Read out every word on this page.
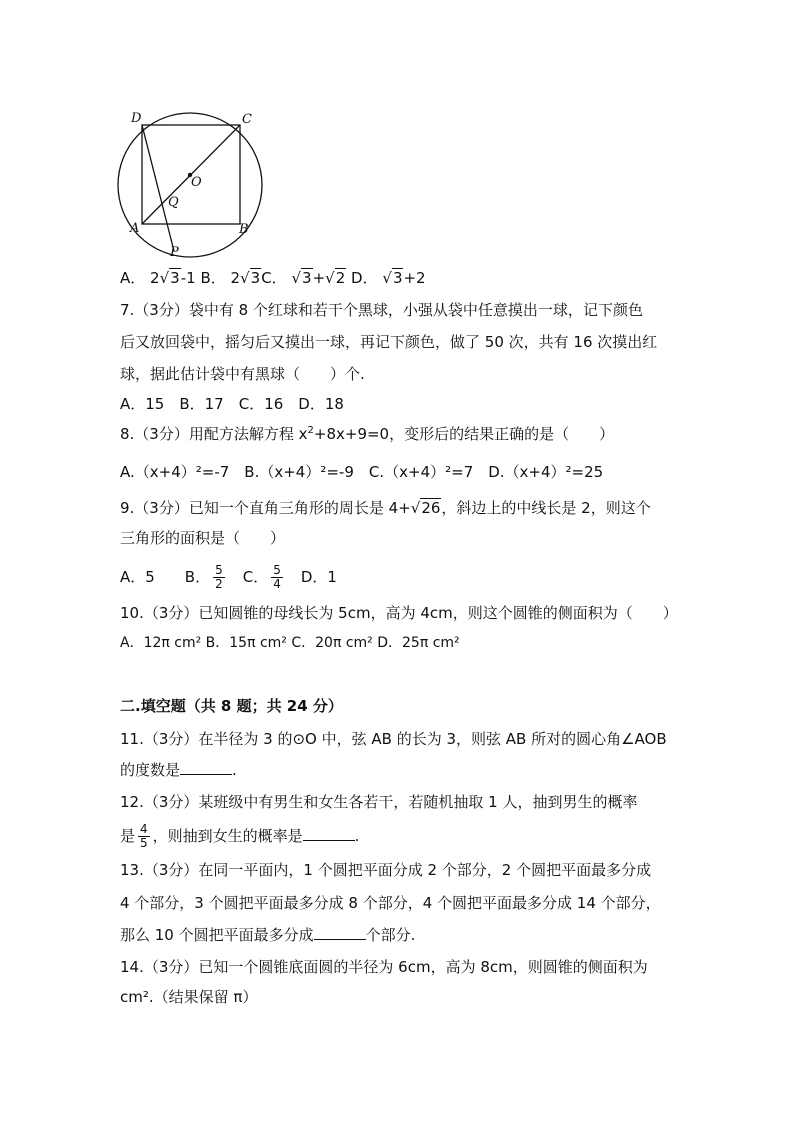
D	C
O
Q
A	B
P
A． 2√3-1 B． 2√3C． √3+√2 D． √3+2
7.（3分）袋中有 8 个红球和若干个黑球，小强从袋中任意摸出一球，记下颜色
后又放回袋中，摇匀后又摸出一球，再记下颜色，做了 50 次，共有 16 次摸出红
球，据此估计袋中有黑球（　　）个.
A．15　B．17　C．16　D．18
8.（3分）用配方法解方程 $x^2+8x+9=0$，变形后的结果正确的是（　　）
A.（x+4）²=-7　B.（x+4）²=-9　C.（x+4）²=7　D.（x+4）²=25
9.（3分）已知一个直角三角形的周长是 4+√26，斜边上的中线长是 2，则这个
三角形的面积是（　　）
A．5　　B． $\frac{5}{2}$ 　C． $\frac{5}{4}$ 　D．1
10.（3分）已知圆锥的母线长为 5cm，高为 4cm，则这个圆锥的侧面积为（　　）
A．12π cm² B．15π cm² C．20π cm² D．25π cm²
二.填空题（共 8 题；共 24 分）
11.（3分）在半径为 3 的⊙O 中，弦 AB 的长为 3，则弦 AB 所对的圆心角∠AOB
的度数是	.
12.（3分）某班级中有男生和女生各若干，若随机抽取 1 人，抽到男生的概率
是 $\frac{4}{5}$ ，则抽到女生的概率是	.
13.（3分）在同一平面内，1 个圆把平面分成 2 个部分，2 个圆把平面最多分成
4 个部分，3 个圆把平面最多分成 8 个部分，4 个圆把平面最多分成 14 个部分，
那么 10 个圆把平面最多分成	个部分.
14.（3分）已知一个圆锥底面圆的半径为 6cm，高为 8cm，则圆锥的侧面积为
cm².（结果保留 π）
